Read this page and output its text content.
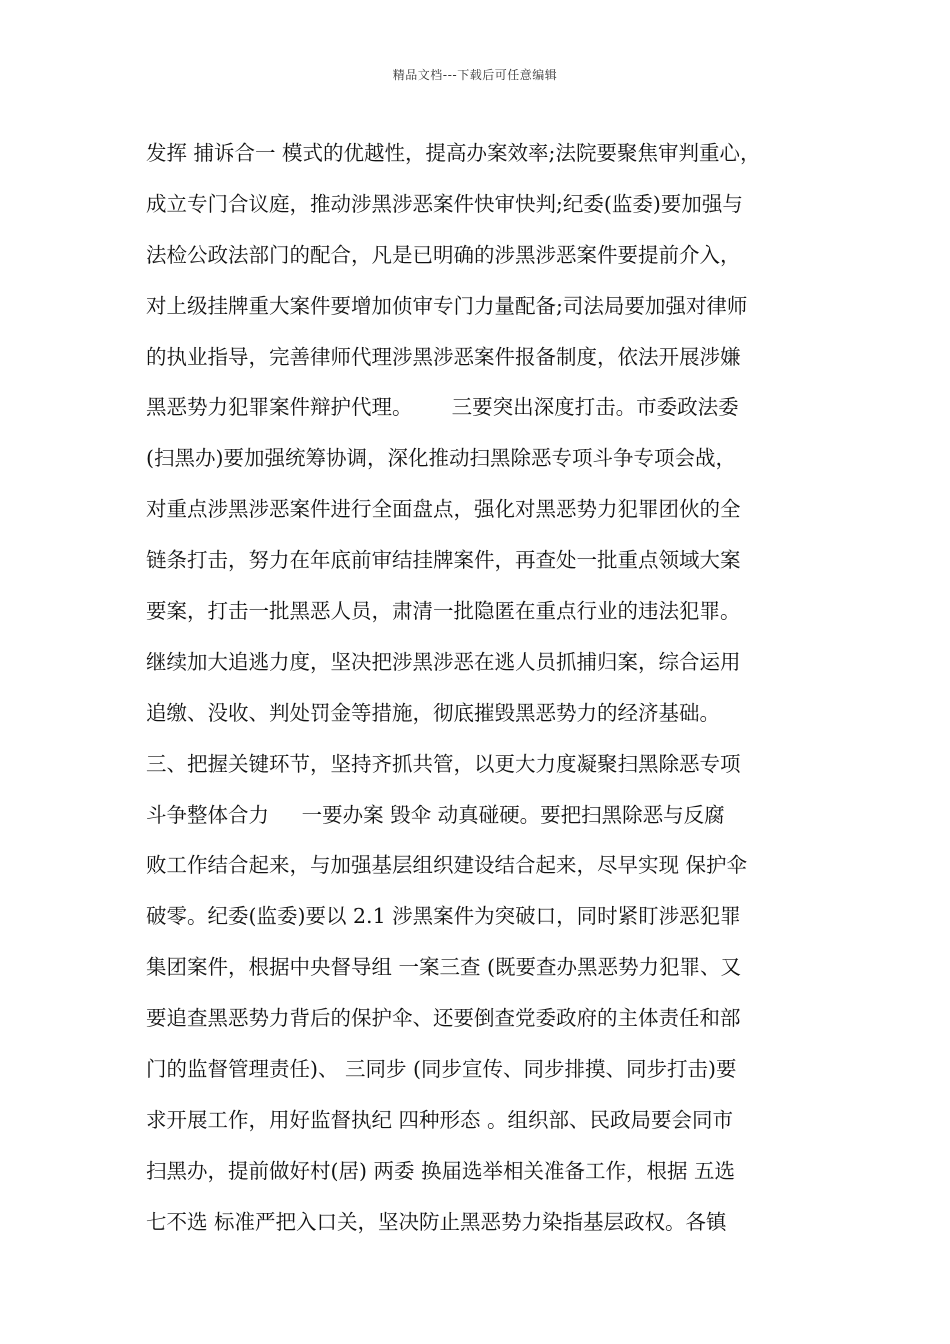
精品文档---下载后可任意编辑
发挥 捕诉合一 模式的优越性，提高办案效率;法院要聚焦审判重心，
成立专门合议庭，推动涉黑涉恶案件快审快判;纪委(监委)要加强与
法检公政法部门的配合，凡是已明确的涉黑涉恶案件要提前介入，
对上级挂牌重大案件要增加侦审专门力量配备;司法局要加强对律师
的执业指导，完善律师代理涉黑涉恶案件报备制度，依法开展涉嫌
黑恶势力犯罪案件辩护代理。      三要突出深度打击。市委政法委
(扫黑办)要加强统筹协调，深化推动扫黑除恶专项斗争专项会战，
对重点涉黑涉恶案件进行全面盘点，强化对黑恶势力犯罪团伙的全
链条打击，努力在年底前审结挂牌案件，再查处一批重点领域大案
要案，打击一批黑恶人员，肃清一批隐匿在重点行业的违法犯罪。
继续加大追逃力度，坚决把涉黑涉恶在逃人员抓捕归案，综合运用
追缴、没收、判处罚金等措施，彻底摧毁黑恶势力的经济基础。
三、把握关键环节，坚持齐抓共管，以更大力度凝聚扫黑除恶专项
斗争整体合力     一要办案 毁伞 动真碰硬。要把扫黑除恶与反腐
败工作结合起来，与加强基层组织建设结合起来，尽早实现 保护伞
破零。纪委(监委)要以 2.1 涉黑案件为突破口，同时紧盯涉恶犯罪
集团案件，根据中央督导组 一案三查 (既要查办黑恶势力犯罪、又
要追查黑恶势力背后的保护伞、还要倒查党委政府的主体责任和部
门的监督管理责任)、 三同步 (同步宣传、同步排摸、同步打击)要
求开展工作，用好监督执纪 四种形态 。组织部、民政局要会同市
扫黑办，提前做好村(居) 两委 换届选举相关准备工作，根据 五选
七不选 标准严把入口关，坚决防止黑恶势力染指基层政权。各镇
